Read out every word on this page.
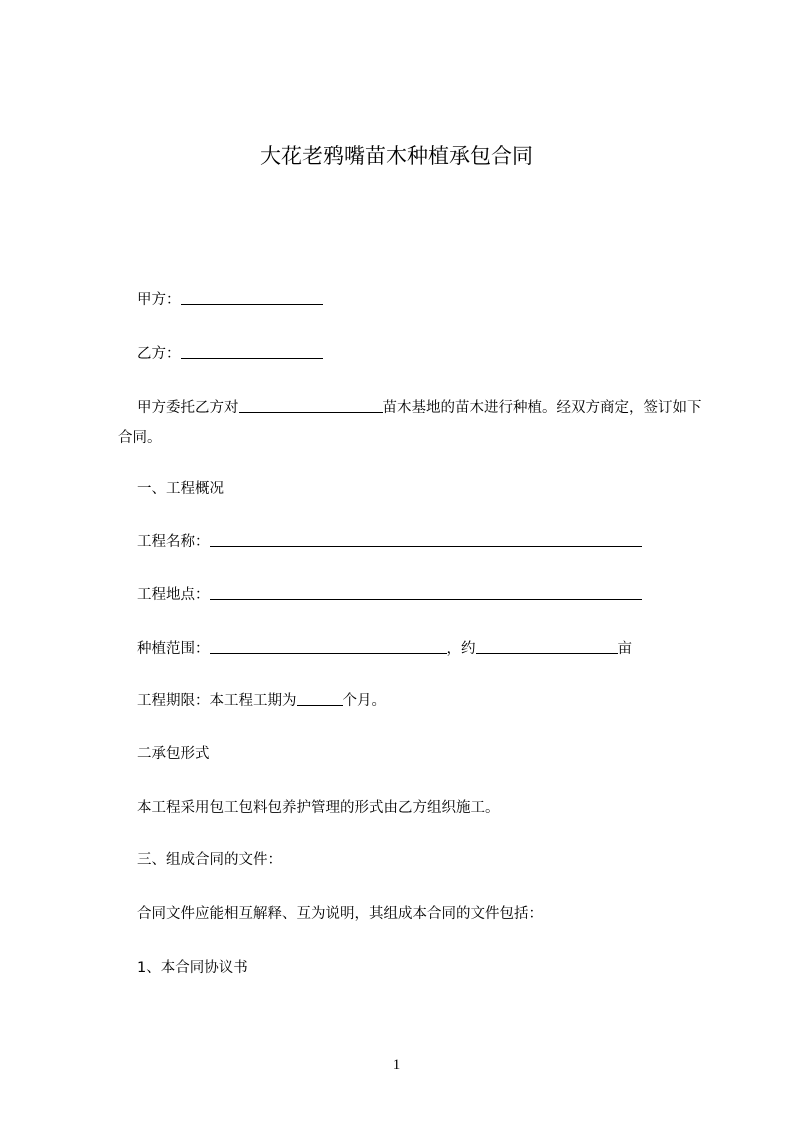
大花老鸦嘴苗木种植承包合同
甲方：
乙方：
甲方委托乙方对	苗木基地的苗木进行种植。经双方商定，签订如下合同。
一、工程概况
工程名称：
工程地点：
种植范围：	，约	亩
工程期限：本工程工期为	个月。
二承包形式
本工程采用包工包料包养护管理的形式由乙方组织施工。
三、组成合同的文件：
合同文件应能相互解释、互为说明，其组成本合同的文件包括：
1、本合同协议书
1
